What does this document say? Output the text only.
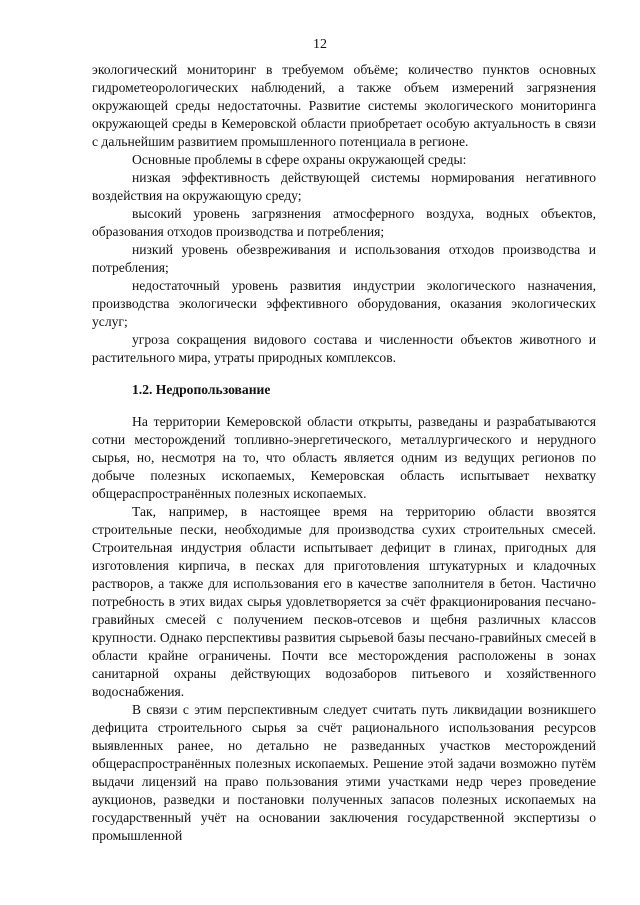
12

экологический мониторинг в требуемом объёме; количество пунктов основных гидрометеорологических наблюдений, а также объем измерений загрязнения окружающей среды недостаточны. Развитие системы экологического мониторинга окружающей среды в Кемеровской области приобретает особую актуальность в связи с дальнейшим развитием промышленного потенциала в регионе.

Основные проблемы в сфере охраны окружающей среды:

низкая эффективность действующей системы нормирования негативного воздействия на окружающую среду;

высокий уровень загрязнения атмосферного воздуха, водных объектов, образования отходов производства и потребления;

низкий уровень обезвреживания и использования отходов производства и потребления;

недостаточный уровень развития индустрии экологического назначения, производства экологически эффективного оборудования, оказания экологических услуг;

угроза сокращения видового состава и численности объектов животного и растительного мира, утраты природных комплексов.

1.2. Недропользование

На территории Кемеровской области открыты, разведаны и разрабатываются сотни месторождений топливно-энергетического, металлургического и нерудного сырья, но, несмотря на то, что область является одним из ведущих регионов по добыче полезных ископаемых, Кемеровская область испытывает нехватку общераспространённых полезных ископаемых.

Так, например, в настоящее время на территорию области ввозятся строительные пески, необходимые для производства сухих строительных смесей. Строительная индустрия области испытывает дефицит в глинах, пригодных для изготовления кирпича, в песках для приготовления штукатурных и кладочных растворов, а также для использования его в качестве заполнителя в бетон. Частично потребность в этих видах сырья удовлетворяется за счёт фракционирования песчано-гравийных смесей с получением песков-отсевов и щебня различных классов крупности. Однако перспективы развития сырьевой базы песчано-гравийных смесей в области крайне ограничены. Почти все месторождения расположены в зонах санитарной охраны действующих водозаборов питьевого и хозяйственного водоснабжения.

В связи с этим перспективным следует считать путь ликвидации возникшего дефицита строительного сырья за счёт рационального использования ресурсов выявленных ранее, но детально не разведанных участков месторождений общераспространённых полезных ископаемых. Решение этой задачи возможно путём выдачи лицензий на право пользования этими участками недр через проведение аукционов, разведки и постановки полученных запасов полезных ископаемых на государственный учёт на основании заключения государственной экспертизы о промышленной
